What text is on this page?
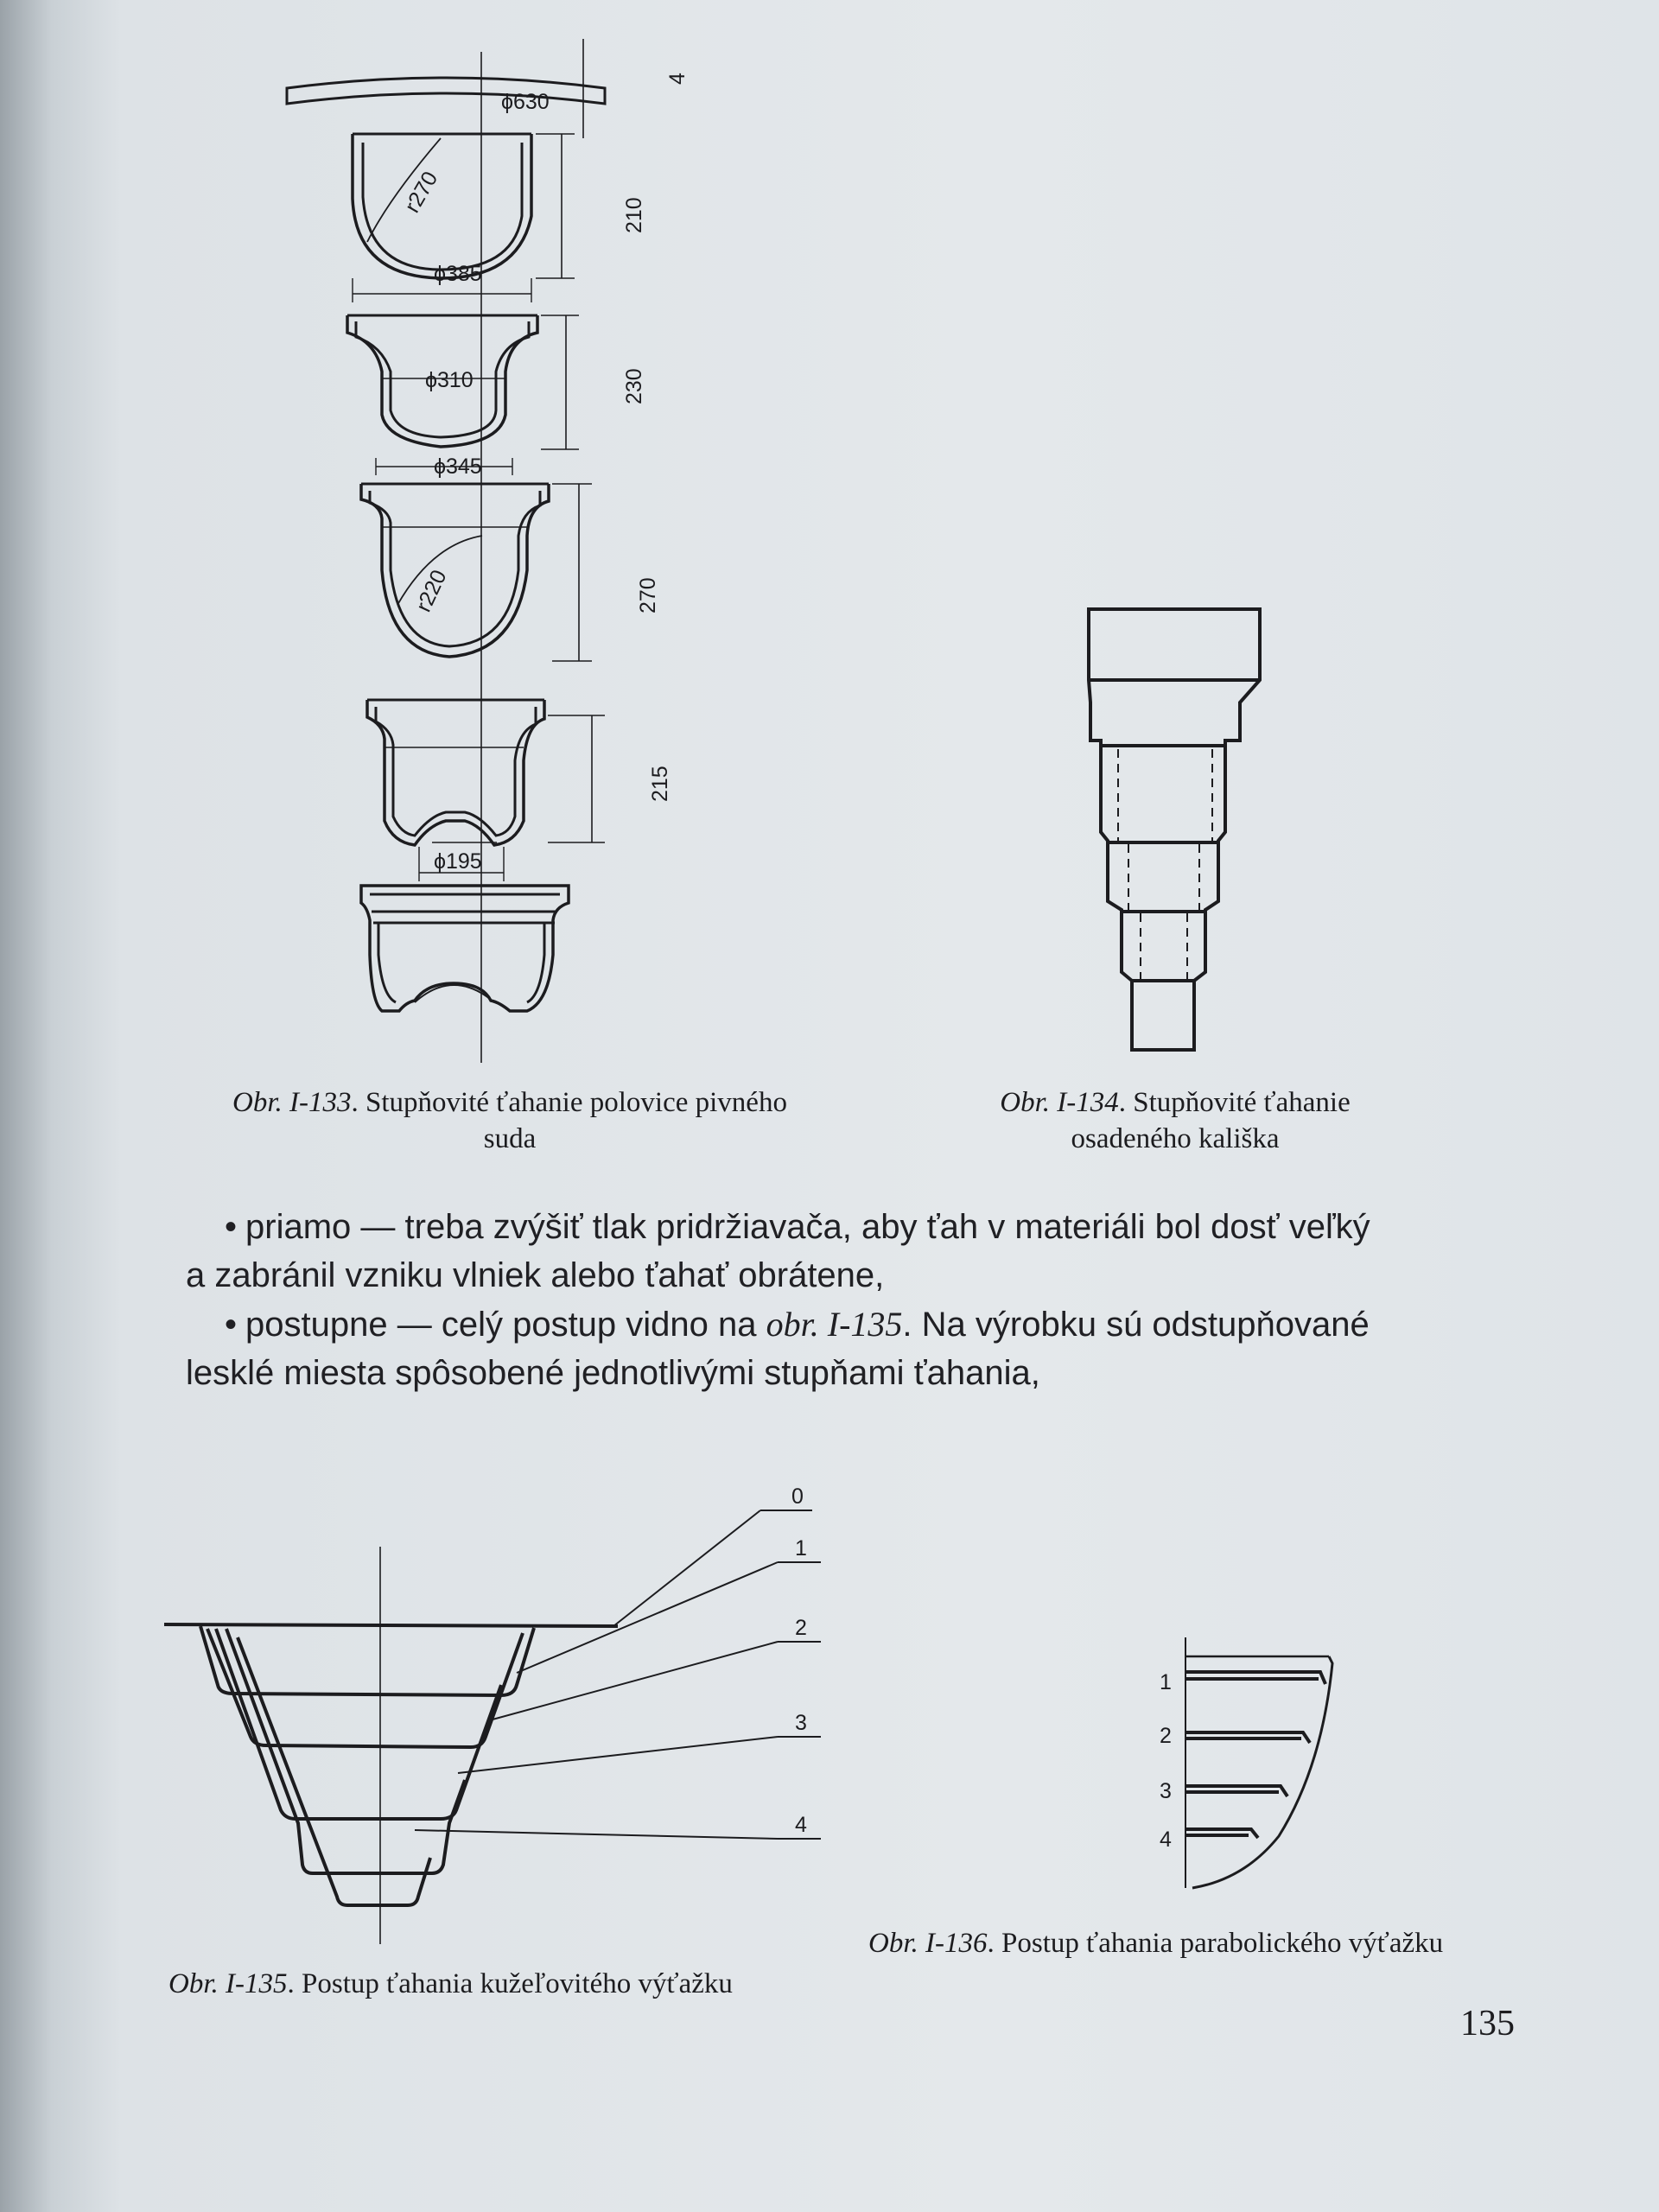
ϕ630
4
r270	210
ϕ385
ϕ310	230
ϕ345
r220	270
215
ϕ195
Obr. I-133. Stupňovité ťahanie polovice pivného
suda
Obr. I-134. Stupňovité ťahanie
osadeného kališka
• priamo — treba zvýšiť tlak pridržiavača, aby ťah v materiáli bol dosť veľký
a zabránil vzniku vlniek alebo ťahať obrátene,
• postupne — celý postup vidno na obr. I-135. Na výrobku sú odstupňované
lesklé miesta spôsobené jednotlivými stupňami ťahania,
0
1
2
3
4
Obr. I-135. Postup ťahania kužeľovitého výťažku
1
2
3
4
Obr. I-136. Postup ťahania parabolického výťažku
135
